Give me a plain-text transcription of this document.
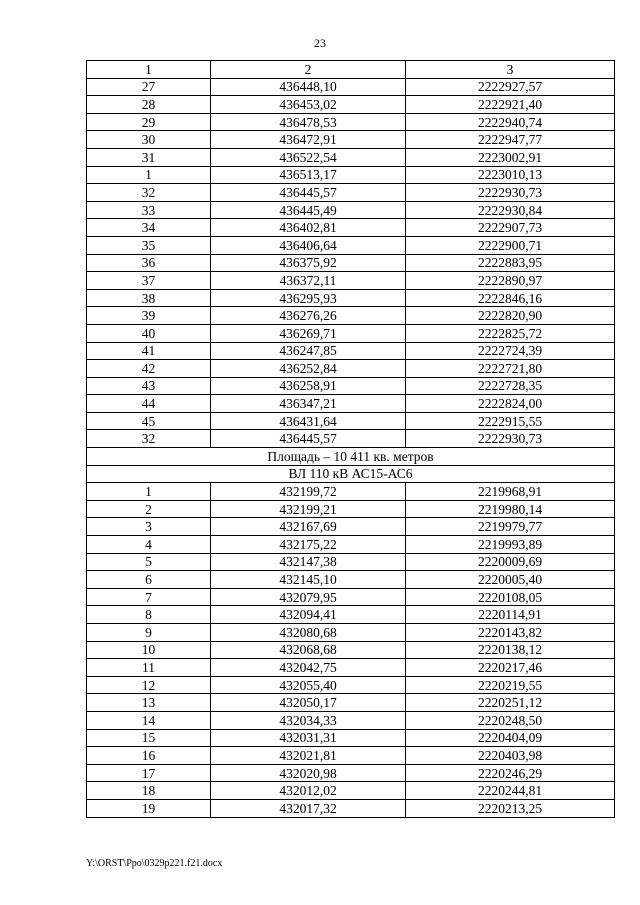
23
1	2	3
27	436448,10	2222927,57
28	436453,02	2222921,40
29	436478,53	2222940,74
30	436472,91	2222947,77
31	436522,54	2223002,91
1	436513,17	2223010,13
32	436445,57	2222930,73
33	436445,49	2222930,84
34	436402,81	2222907,73
35	436406,64	2222900,71
36	436375,92	2222883,95
37	436372,11	2222890,97
38	436295,93	2222846,16
39	436276,26	2222820,90
40	436269,71	2222825,72
41	436247,85	2222724,39
42	436252,84	2222721,80
43	436258,91	2222728,35
44	436347,21	2222824,00
45	436431,64	2222915,55
32	436445,57	2222930,73
Площадь – 10 411 кв. метров		
ВЛ 110 кВ АС15-АС6		
1	432199,72	2219968,91
2	432199,21	2219980,14
3	432167,69	2219979,77
4	432175,22	2219993,89
5	432147,38	2220009,69
6	432145,10	2220005,40
7	432079,95	2220108,05
8	432094,41	2220114,91
9	432080,68	2220143,82
10	432068,68	2220138,12
11	432042,75	2220217,46
12	432055,40	2220219,55
13	432050,17	2220251,12
14	432034,33	2220248,50
15	432031,31	2220404,09
16	432021,81	2220403,98
17	432020,98	2220246,29
18	432012,02	2220244,81
19	432017,32	2220213,25
Y:\ORST\Ppo\0329p221.f21.docx
